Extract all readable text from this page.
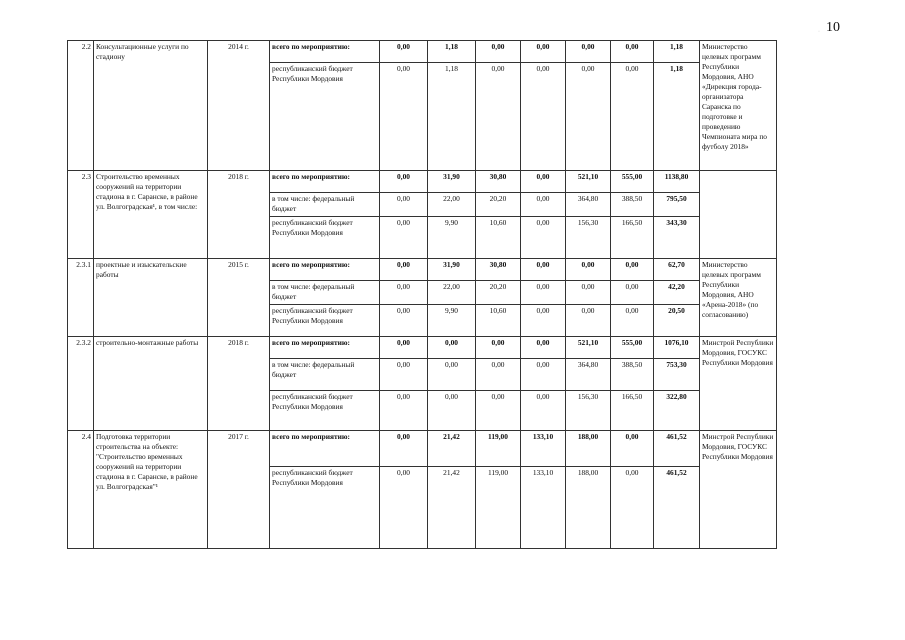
10
·
2.2	Консультационные услуги по стадиону	2014 г.	всего по мероприятию:	0,00	1,18	0,00	0,00	0,00	0,00	1,18	Министерство целевых программ Республики Мордовия, АНО «Дирекция города-организатора Саранска по подготовке и проведению Чемпионата мира по футболу 2018»
			республиканский бюджет Республики Мордовия	0,00	1,18	0,00	0,00	0,00	0,00	1,18	
2.3	Строительство временных сооружений на территории стадиона в г. Саранске, в районе ул. Волгоградская¹, в том числе:	2018 г.	всего по мероприятию:	0,00	31,90	30,80	0,00	521,10	555,00	1138,80	
			в том числе: федеральный бюджет	0,00	22,00	20,20	0,00	364,80	388,50	795,50	
			республиканский бюджет Республики Мордовия	0,00	9,90	10,60	0,00	156,30	166,50	343,30	
2.3.1	проектные и изыскательские работы	2015 г.	всего по мероприятию:	0,00	31,90	30,80	0,00	0,00	0,00	62,70	Министерство целевых программ Республики Мордовия, АНО «Арена-2018» (по согласованию)
			в том числе: федеральный бюджет	0,00	22,00	20,20	0,00	0,00	0,00	42,20	
			республиканский бюджет Республики Мордовия	0,00	9,90	10,60	0,00	0,00	0,00	20,50	
2.3.2	строительно-монтажные работы	2018 г.	всего по мероприятию:	0,00	0,00	0,00	0,00	521,10	555,00	1076,10	Минстрой Республики Мордовия, ГОСУКС Республики Мордовия
			в том числе: федеральный бюджет	0,00	0,00	0,00	0,00	364,80	388,50	753,30	
			республиканский бюджет Республики Мордовия	0,00	0,00	0,00	0,00	156,30	166,50	322,80	
2.4	Подготовка территории строительства на объекте: "Строительство временных сооружений на территории стадиона в г. Саранске, в районе ул. Волгоградская"¹	2017 г.	всего по мероприятию:	0,00	21,42	119,00	133,10	188,00	0,00	461,52	Минстрой Республики Мордовия, ГОСУКС Республики Мордовия
			республиканский бюджет Республики Мордовия	0,00	21,42	119,00	133,10	188,00	0,00	461,52	
